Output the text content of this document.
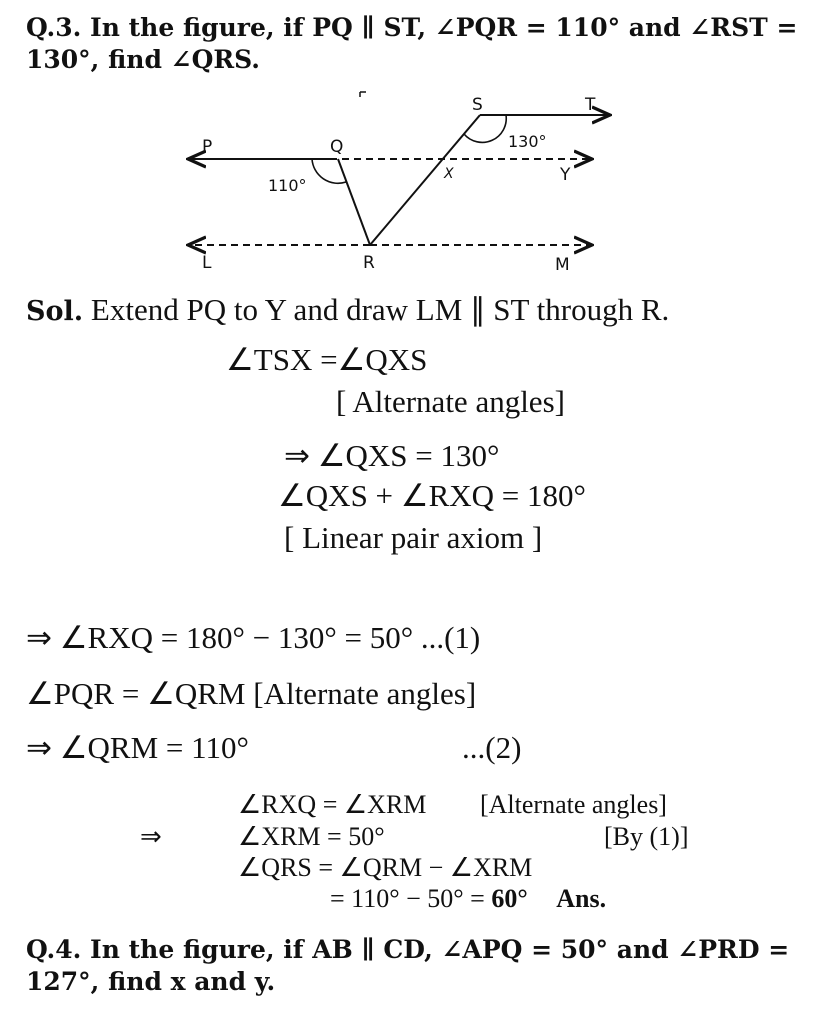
Q.3. In the figure, if PQ ∥ ST, ∠PQR = 110° and ∠RST =
130°, find ∠QRS.
P	Q
S	T
X	Y
L	R	M
110°
130°
Sol. Extend PQ to Y and draw LM ∥ ST through R.
∠TSX =∠QXS
[ Alternate angles]
⇒ ∠QXS = 130°
∠QXS + ∠RXQ = 180°
[ Linear pair axiom ]
⇒ ∠RXQ = 180° − 130° = 50° ...(1)
∠PQR = ∠QRM [Alternate angles]
⇒ ∠QRM = 110°	...(2)
∠RXQ = ∠XRM [Alternate angles]
⇒	∠XRM = 50°	[By (1)]
∠QRS = ∠QRM − ∠XRM
= 110° − 50° = 60° Ans.
Q.4. In the figure, if AB ∥ CD, ∠APQ = 50° and ∠PRD =
127°, find x and y.
